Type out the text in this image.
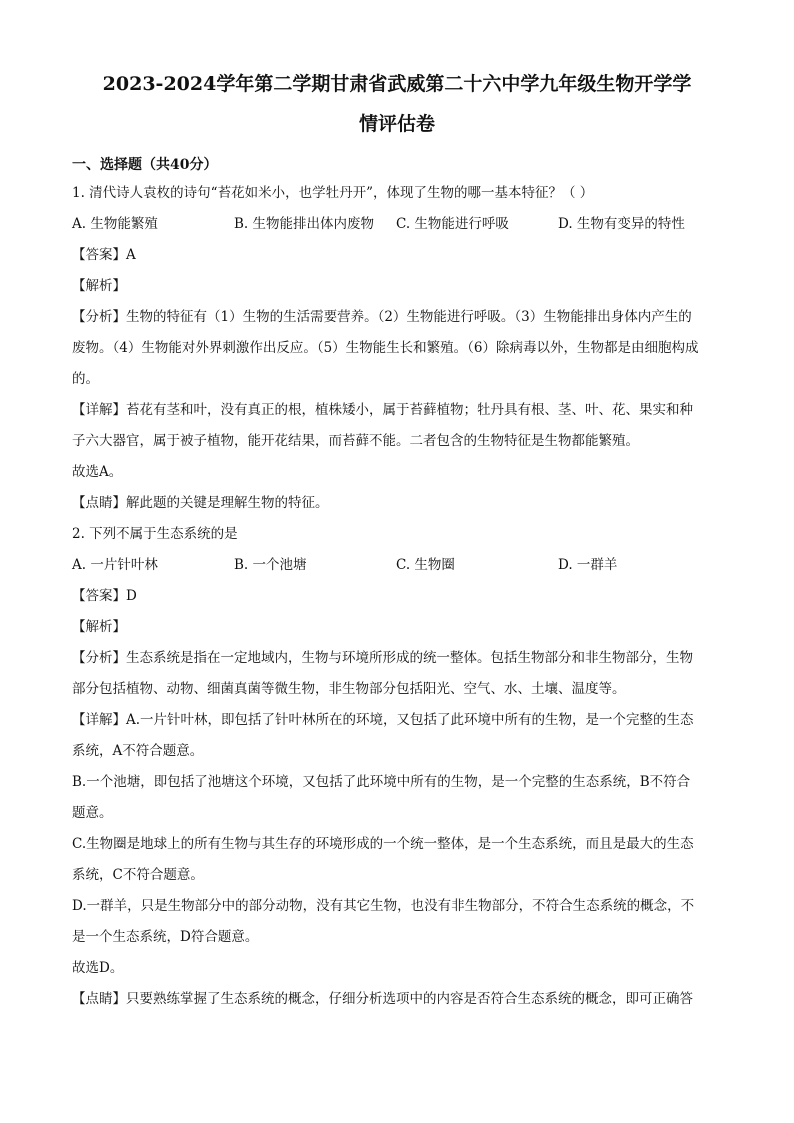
2023-2024学年第二学期甘肃省武威第二十六中学九年级生物开学学

情评估卷

一、选择题（共40分）
1. 清代诗人袁枚的诗句“苔花如米小，也学牡丹开”，体现了生物的哪一基本特征？（ ）
A. 生物能繁殖	B. 生物能排出体内废物	C. 生物能进行呼吸	D. 生物有变异的特性
【答案】A
【解析】
【分析】生物的特征有（1）生物的生活需要营养。（2）生物能进行呼吸。（3）生物能排出身体内产生的
废物。（4）生物能对外界刺激作出反应。（5）生物能生长和繁殖。（6）除病毒以外，生物都是由细胞构成
的。
【详解】苔花有茎和叶，没有真正的根，植株矮小，属于苔藓植物；牡丹具有根、茎、叶、花、果实和种
子六大器官，属于被子植物，能开花结果，而苔藓不能。二者包含的生物特征是生物都能繁殖。
故选A。
【点睛】解此题的关键是理解生物的特征。
2. 下列不属于生态系统的是
A. 一片针叶林	B. 一个池塘	C. 生物圈	D. 一群羊
【答案】D
【解析】
【分析】生态系统是指在一定地域内，生物与环境所形成的统一整体。包括生物部分和非生物部分，生物
部分包括植物、动物、细菌真菌等微生物，非生物部分包括阳光、空气、水、土壤、温度等。
【详解】A.一片针叶林，即包括了针叶林所在的环境，又包括了此环境中所有的生物，是一个完整的生态
系统，A不符合题意。
B.一个池塘，即包括了池塘这个环境，又包括了此环境中所有的生物，是一个完整的生态系统，B不符合
题意。
C.生物圈是地球上的所有生物与其生存的环境形成的一个统一整体，是一个生态系统，而且是最大的生态
系统，C不符合题意。
D.一群羊，只是生物部分中的部分动物，没有其它生物，也没有非生物部分，不符合生态系统的概念，不
是一个生态系统，D符合题意。
故选D。
【点睛】只要熟练掌握了生态系统的概念，仔细分析选项中的内容是否符合生态系统的概念，即可正确答
